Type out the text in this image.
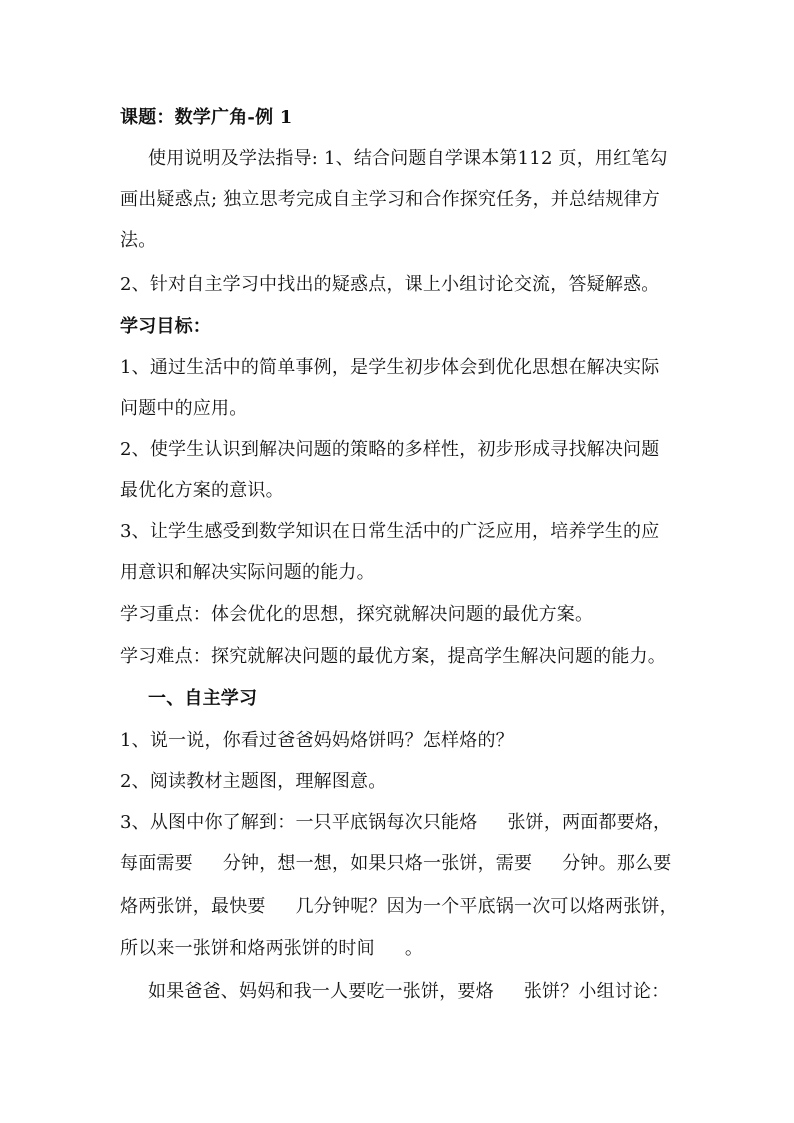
课题：数学广角-例 1
使用说明及学法指导: 1、结合问题自学课本第112 页，用红笔勾
画出疑惑点; 独立思考完成自主学习和合作探究任务，并总结规律方
法。
2、针对自主学习中找出的疑惑点，课上小组讨论交流，答疑解惑。
学习目标：
1、通过生活中的简单事例，是学生初步体会到优化思想在解决实际
问题中的应用。
2、使学生认识到解决问题的策略的多样性，初步形成寻找解决问题
最优化方案的意识。
3、让学生感受到数学知识在日常生活中的广泛应用，培养学生的应
用意识和解决实际问题的能力。
学习重点：体会优化的思想，探究就解决问题的最优方案。
学习难点：探究就解决问题的最优方案，提高学生解决问题的能力。
一、自主学习
1、说一说，你看过爸爸妈妈烙饼吗？怎样烙的？
2、阅读教材主题图，理解图意。
3、从图中你了解到：一只平底锅每次只能烙 张饼，两面都要烙，
每面需要 分钟，想一想，如果只烙一张饼，需要 分钟。那么要
烙两张饼，最快要 几分钟呢？因为一个平底锅一次可以烙两张饼，
所以来一张饼和烙两张饼的时间 。
如果爸爸、妈妈和我一人要吃一张饼，要烙 张饼？小组讨论：
